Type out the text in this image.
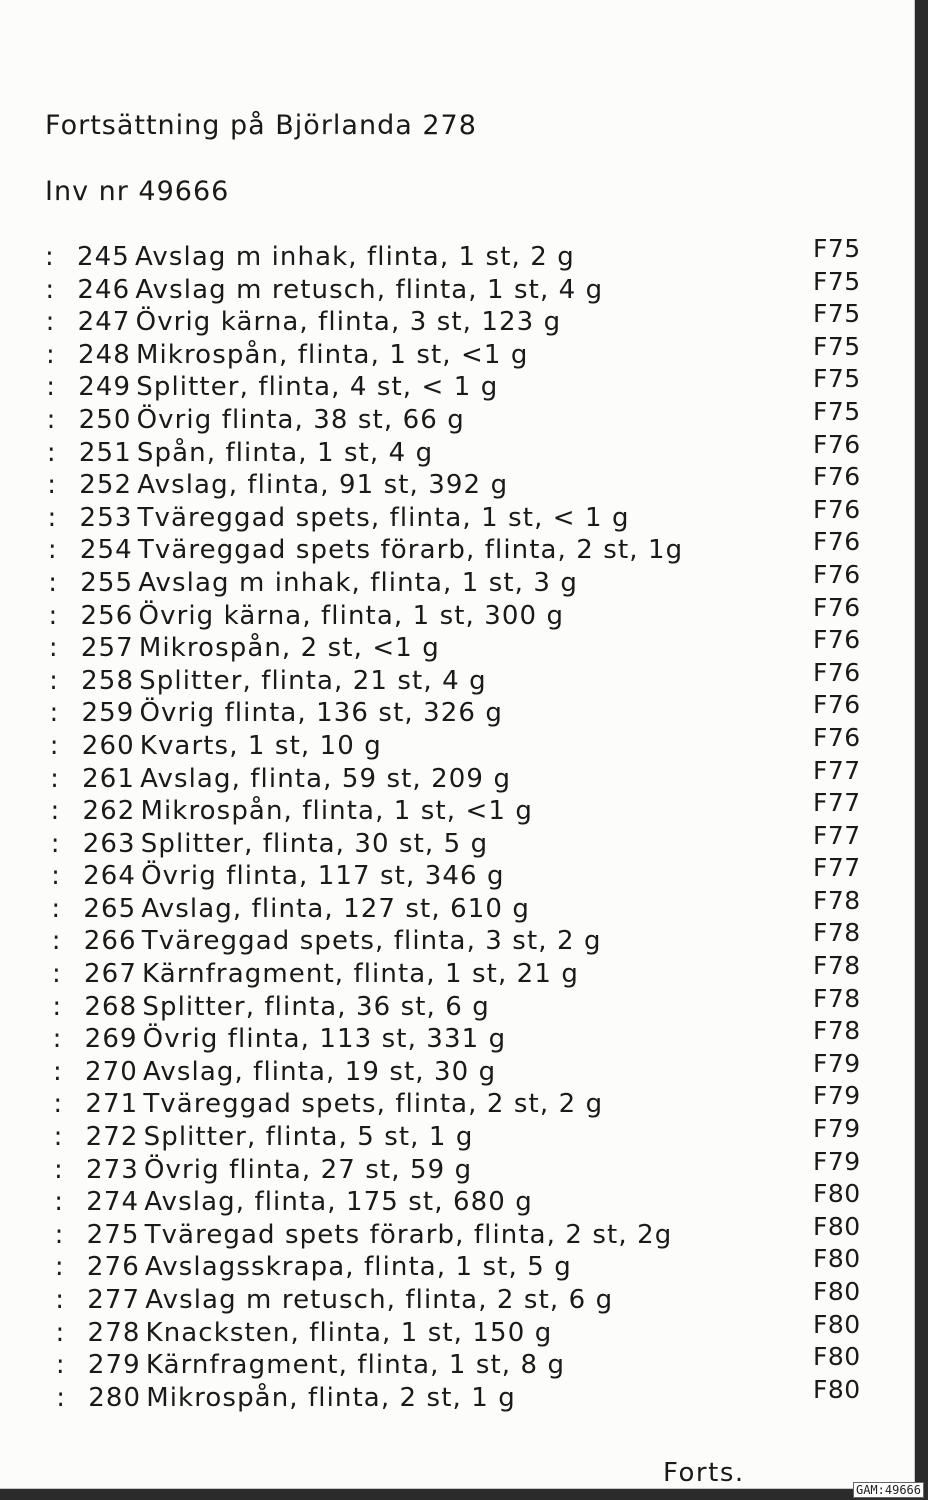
Fortsättning på Björlanda 278
Inv nr 49666
: 245 Avslag m inhak, flinta, 1 st, 2 g	F75
: 246 Avslag m retusch, flinta, 1 st, 4 g	F75
: 247 Övrig kärna, flinta, 3 st, 123 g	F75
: 248 Mikrospån, flinta, 1 st, <1 g	F75
: 249 Splitter, flinta, 4 st, < 1 g	F75
: 250 Övrig flinta, 38 st, 66 g	F75
: 251 Spån, flinta, 1 st, 4 g	F76
: 252 Avslag, flinta, 91 st, 392 g	F76
: 253 Tväreggad spets, flinta, 1 st, < 1 g	F76
: 254 Tväreggad spets förarb, flinta, 2 st, 1g	F76
: 255 Avslag m inhak, flinta, 1 st, 3 g	F76
: 256 Övrig kärna, flinta, 1 st, 300 g	F76
: 257 Mikrospån, 2 st, <1 g	F76
: 258 Splitter, flinta, 21 st, 4 g	F76
: 259 Övrig flinta, 136 st, 326 g	F76
: 260 Kvarts, 1 st, 10 g	F76
: 261 Avslag, flinta, 59 st, 209 g	F77
: 262 Mikrospån, flinta, 1 st, <1 g	F77
: 263 Splitter, flinta, 30 st, 5 g	F77
: 264 Övrig flinta, 117 st, 346 g	F77
: 265 Avslag, flinta, 127 st, 610 g	F78
: 266 Tväreggad spets, flinta, 3 st, 2 g	F78
: 267 Kärnfragment, flinta, 1 st, 21 g	F78
: 268 Splitter, flinta, 36 st, 6 g	F78
: 269 Övrig flinta, 113 st, 331 g	F78
: 270 Avslag, flinta, 19 st, 30 g	F79
: 271 Tväreggad spets, flinta, 2 st, 2 g	F79
: 272 Splitter, flinta, 5 st, 1 g	F79
: 273 Övrig flinta, 27 st, 59 g	F79
: 274 Avslag, flinta, 175 st, 680 g	F80
: 275 Tväregad spets förarb, flinta, 2 st, 2g	F80
: 276 Avslagsskrapa, flinta, 1 st, 5 g	F80
: 277 Avslag m retusch, flinta, 2 st, 6 g	F80
: 278 Knacksten, flinta, 1 st, 150 g	F80
: 279 Kärnfragment, flinta, 1 st, 8 g	F80
: 280 Mikrospån, flinta, 2 st, 1 g	F80
Forts.
GAM:49666
